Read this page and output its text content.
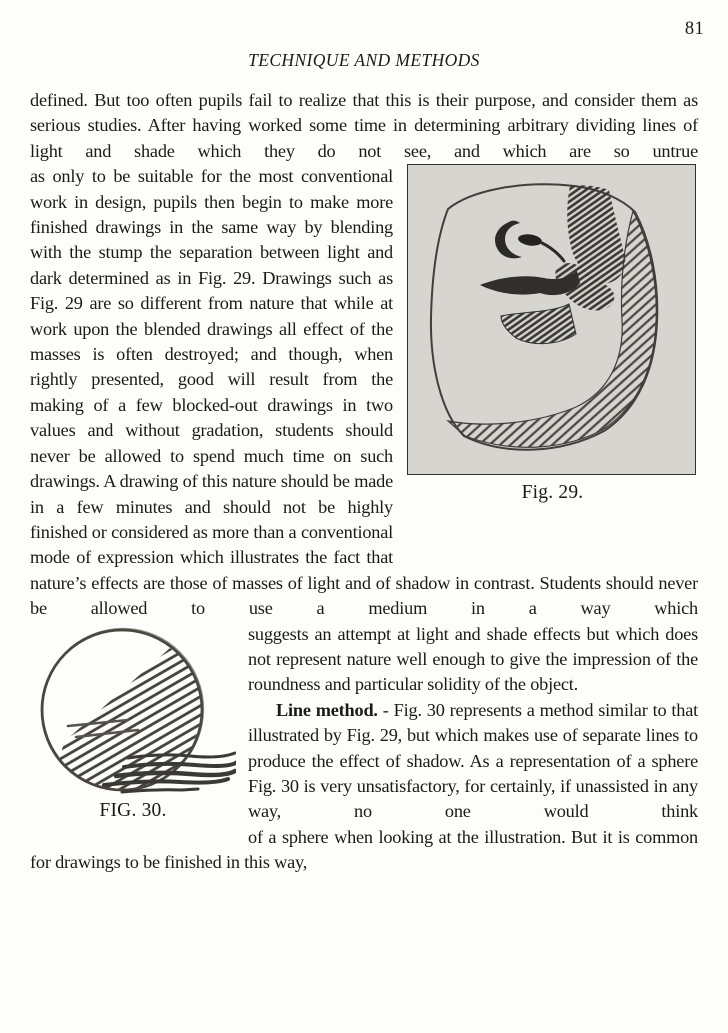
81
TECHNIQUE AND METHODS

defined. But too often pupils fail to realize that this is their purpose, and consider them as serious studies. After having worked some time in determining arbitrary dividing lines of light and shade which they do not see, and which are so untrue

Fig. 29.

as only to be suitable for the most conventional work in design, pupils then begin to make more finished drawings in the same way by blending with the stump the separation between light and dark determined as in Fig. 29. Drawings such as Fig. 29 are so different from nature that while at work upon the blended drawings all effect of the masses is often destroyed; and though, when rightly presented, good will result from the making of a few blocked-out drawings in two values and without gradation, students should never be allowed to spend much time on such drawings. A drawing of this nature should be made in a few minutes and should not be highly

finished or considered as more than a conventional mode of expression which illustrates the fact that nature’s effects are those of masses of light and of shadow in contrast. Students should never be allowed to use a medium in a way which

FIG. 30.

suggests an attempt at light and shade effects but which does not represent nature well enough to give the impression of the roundness and particular solidity of the object.

Line method. - Fig. 30 represents a method similar to that illustrated by Fig. 29, but which makes use of separate lines to produce the effect of shadow. As a representation of a sphere Fig. 30 is very unsatisfactory, for certainly, if unassisted in any way, no one would think

of a sphere when looking at the illustration. But it is common for drawings to be finished in this way,
